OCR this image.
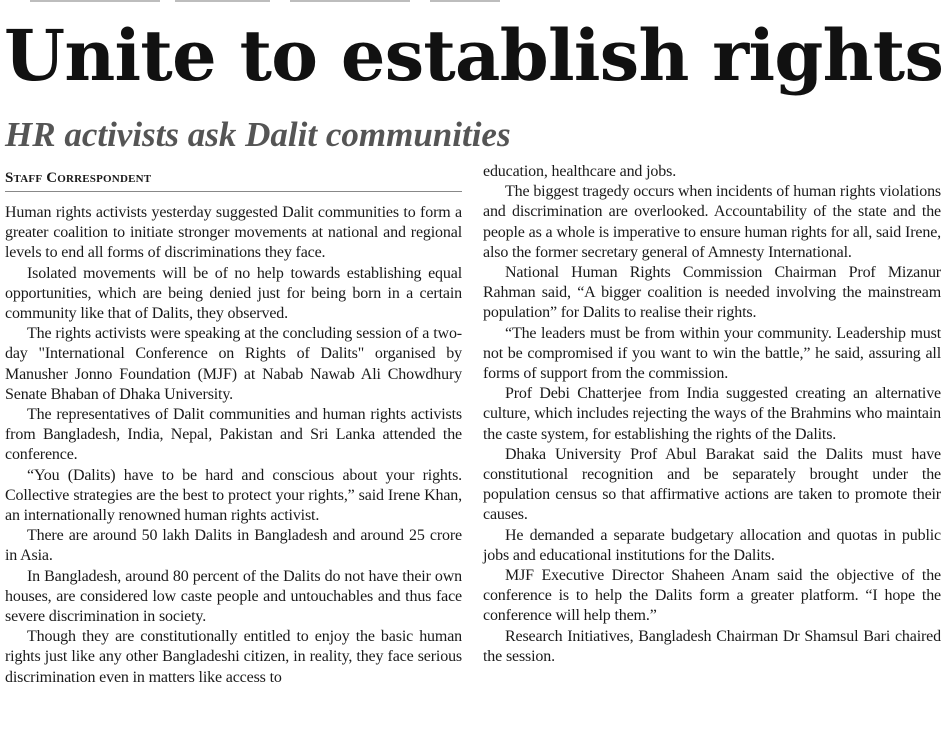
Unite to establish rights
HR activists ask Dalit communities
Staff Correspondent

Human rights activists yesterday suggested Dalit communities to form a greater coalition to initiate stronger movements at national and regional levels to end all forms of discriminations they face.

Isolated movements will be of no help towards establishing equal opportunities, which are being denied just for being born in a certain community like that of Dalits, they observed.

The rights activists were speaking at the concluding session of a two-day "International Conference on Rights of Dalits" organised by Manusher Jonno Foundation (MJF) at Nabab Nawab Ali Chowdhury Senate Bhaban of Dhaka University.

The representatives of Dalit communities and human rights activists from Bangladesh, India, Nepal, Pakistan and Sri Lanka attended the conference.

“You (Dalits) have to be hard and conscious about your rights. Collective strategies are the best to protect your rights,” said Irene Khan, an internationally renowned human rights activist.

There are around 50 lakh Dalits in Bangladesh and around 25 crore in Asia.

In Bangladesh, around 80 percent of the Dalits do not have their own houses, are considered low caste people and untouchables and thus face severe discrimination in society.

Though they are constitutionally entitled to enjoy the basic human rights just like any other Bangladeshi citizen, in reality, they face serious discrimination even in matters like access to

education, healthcare and jobs.

The biggest tragedy occurs when incidents of human rights violations and discrimination are overlooked. Accountability of the state and the people as a whole is imperative to ensure human rights for all, said Irene, also the former secretary general of Amnesty International.

National Human Rights Commission Chairman Prof Mizanur Rahman said, “A bigger coalition is needed involving the mainstream population” for Dalits to realise their rights.

“The leaders must be from within your community. Leadership must not be compromised if you want to win the battle,” he said, assuring all forms of support from the commission.

Prof Debi Chatterjee from India suggested creating an alternative culture, which includes rejecting the ways of the Brahmins who maintain the caste system, for establishing the rights of the Dalits.

Dhaka University Prof Abul Barakat said the Dalits must have constitutional recognition and be separately brought under the population census so that affirmative actions are taken to promote their causes.

He demanded a separate budgetary allocation and quotas in public jobs and educational institutions for the Dalits.

MJF Executive Director Shaheen Anam said the objective of the conference is to help the Dalits form a greater platform. “I hope the conference will help them.”

Research Initiatives, Bangladesh Chairman Dr Shamsul Bari chaired the session.
